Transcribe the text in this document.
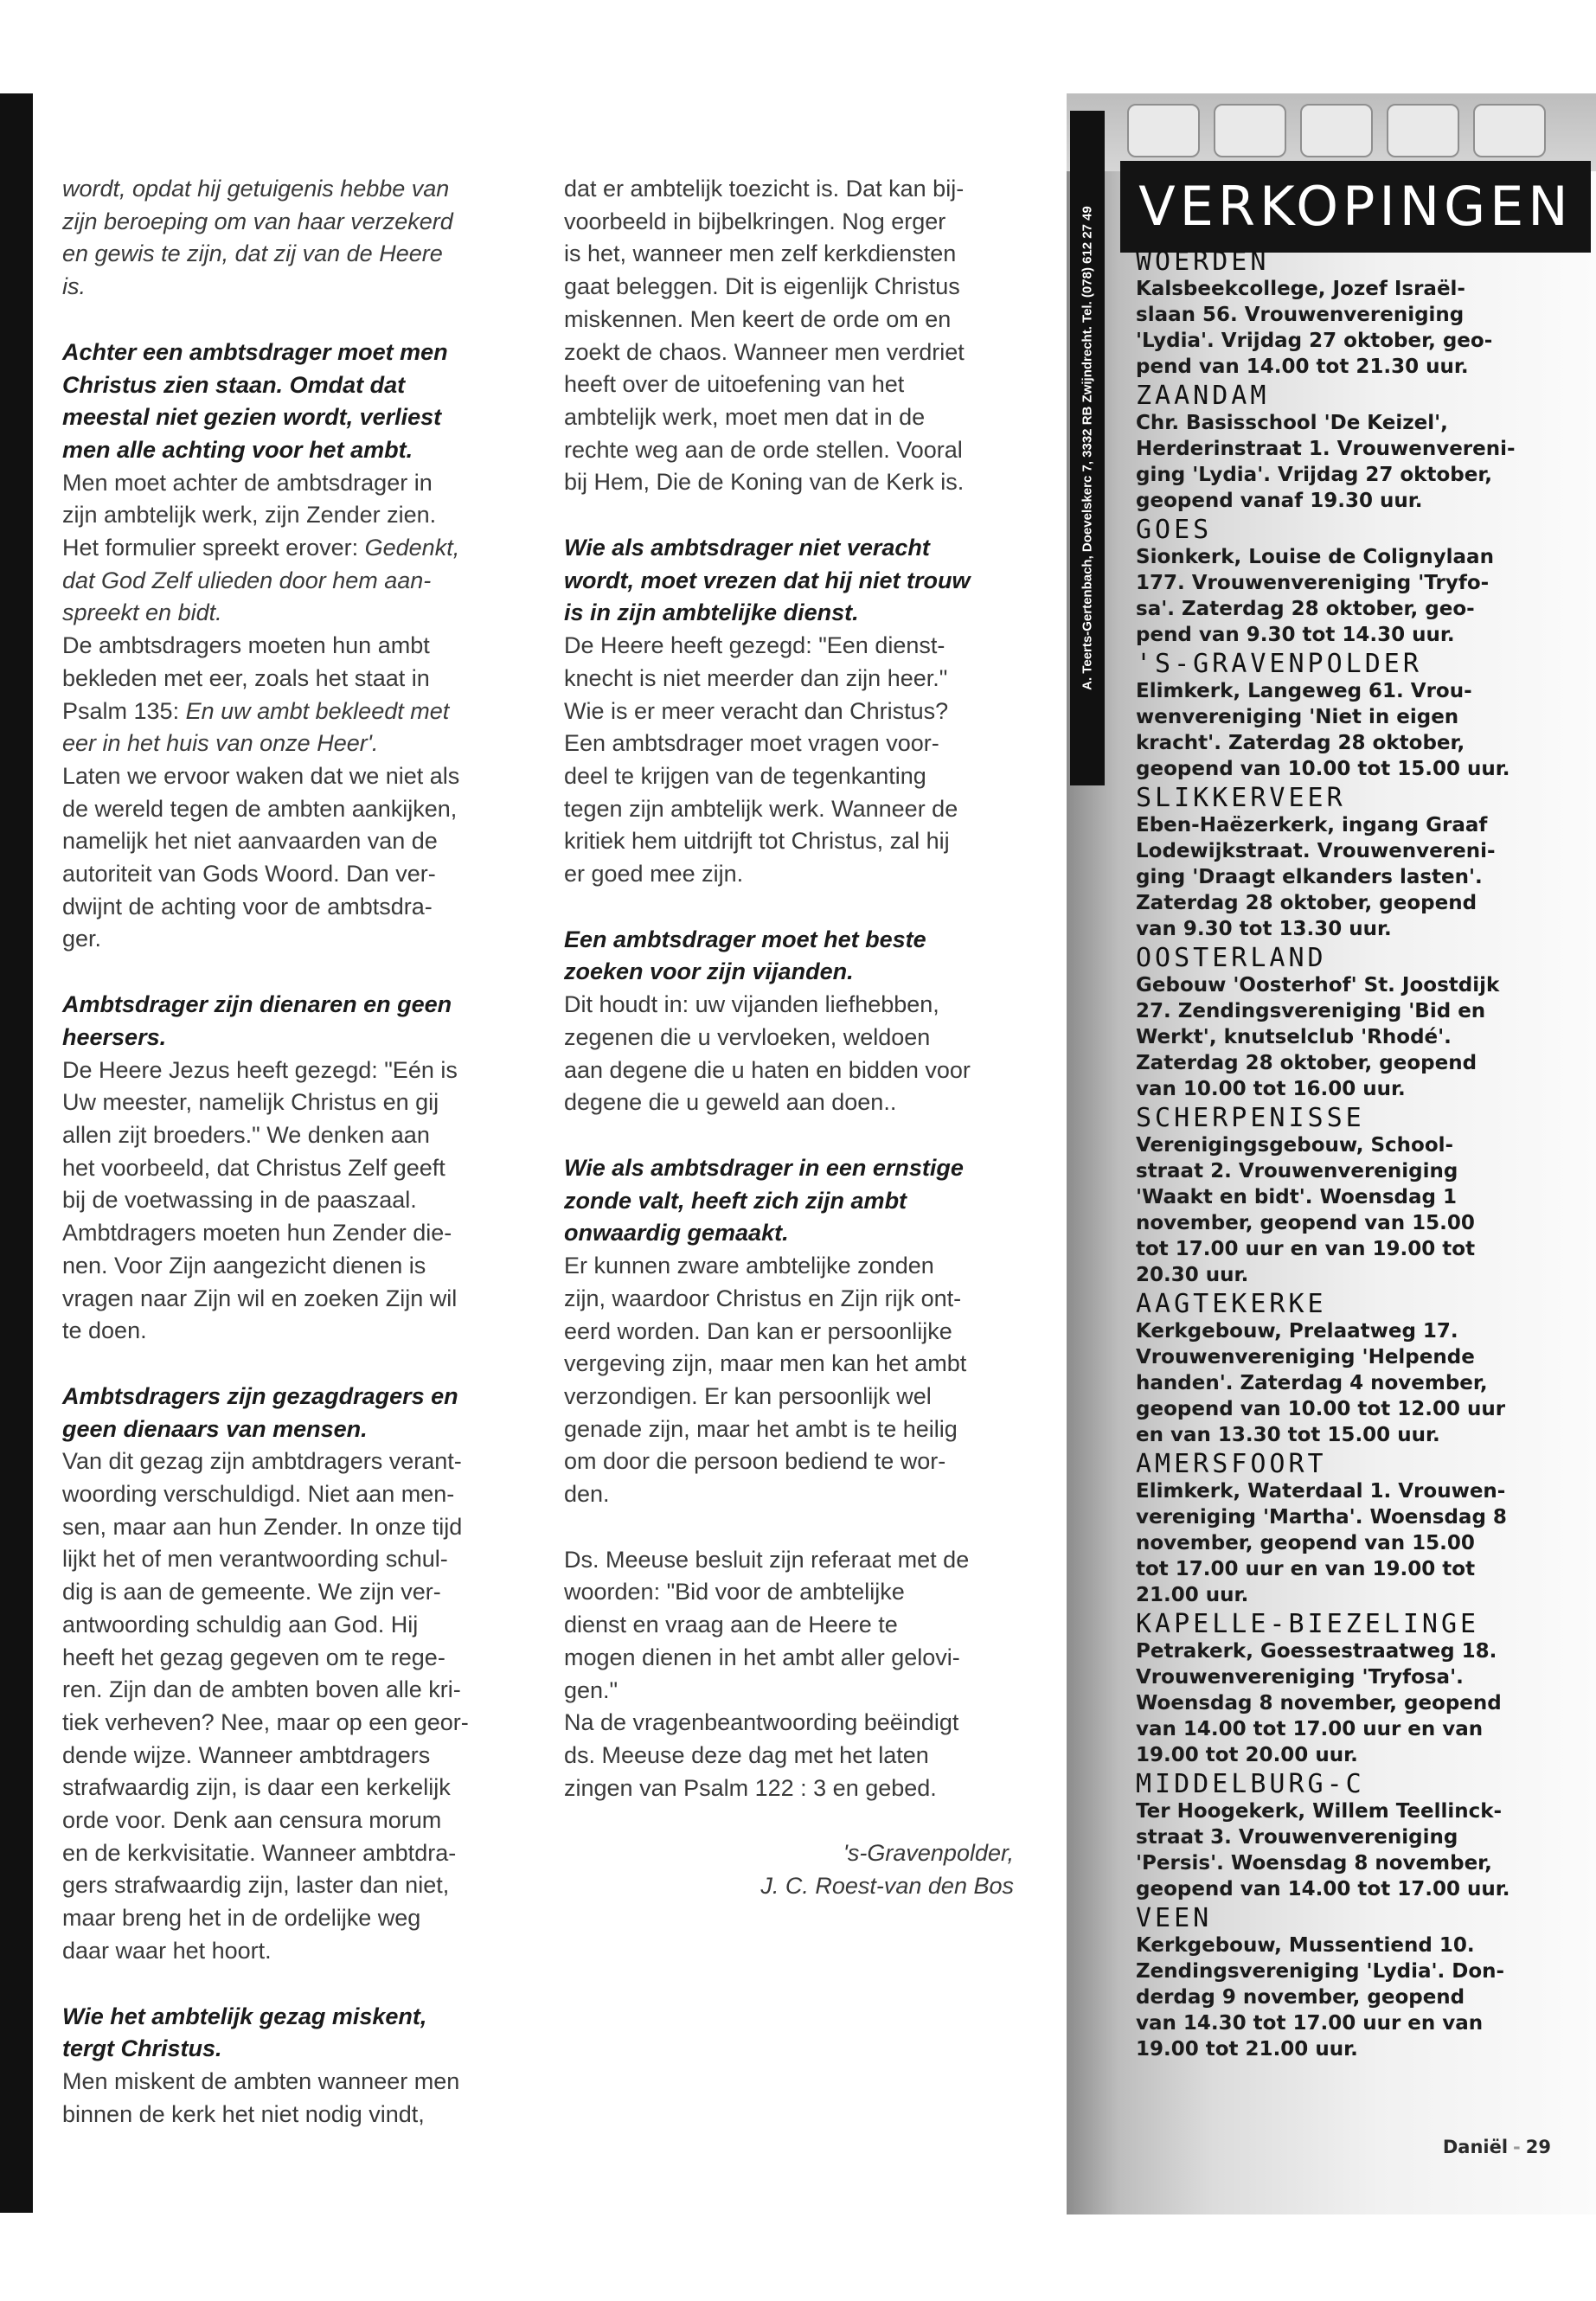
wordt, opdat hij getuigenis hebbe van
zijn beroeping om van haar verzekerd
en gewis te zijn, dat zij van de Heere
is.

Achter een ambtsdrager moet men
Christus zien staan. Omdat dat
meestal niet gezien wordt, verliest
men alle achting voor het ambt.

Men moet achter de ambtsdrager in
zijn ambtelijk werk, zijn Zender zien.
Het formulier spreekt erover: Gedenkt,
dat God Zelf ulieden door hem aan-
spreekt en bidt.
De ambtsdragers moeten hun ambt
bekleden met eer, zoals het staat in
Psalm 135: En uw ambt bekleedt met
eer in het huis van onze Heer'.
Laten we ervoor waken dat we niet als
de wereld tegen de ambten aankijken,
namelijk het niet aanvaarden van de
autoriteit van Gods Woord. Dan ver-
dwijnt de achting voor de ambtsdra-
ger.

Ambtsdrager zijn dienaren en geen
heersers.

De Heere Jezus heeft gezegd: "Eén is
Uw meester, namelijk Christus en gij
allen zijt broeders." We denken aan
het voorbeeld, dat Christus Zelf geeft
bij de voetwassing in de paaszaal.
Ambtdragers moeten hun Zender die-
nen. Voor Zijn aangezicht dienen is
vragen naar Zijn wil en zoeken Zijn wil
te doen.

Ambtsdragers zijn gezagdragers en
geen dienaars van mensen.

Van dit gezag zijn ambtdragers verant-
woording verschuldigd. Niet aan men-
sen, maar aan hun Zender. In onze tijd
lijkt het of men verantwoording schul-
dig is aan de gemeente. We zijn ver-
antwoording schuldig aan God. Hij
heeft het gezag gegeven om te rege-
ren. Zijn dan de ambten boven alle kri-
tiek verheven? Nee, maar op een geor-
dende wijze. Wanneer ambtdragers
strafwaardig zijn, is daar een kerkelijk
orde voor. Denk aan censura morum
en de kerkvisitatie. Wanneer ambtdra-
gers strafwaardig zijn, laster dan niet,
maar breng het in de ordelijke weg
daar waar het hoort.

Wie het ambtelijk gezag miskent,
tergt Christus.

Men miskent de ambten wanneer men
binnen de kerk het niet nodig vindt,

dat er ambtelijk toezicht is. Dat kan bij-
voorbeeld in bijbelkringen. Nog erger
is het, wanneer men zelf kerkdiensten
gaat beleggen. Dit is eigenlijk Christus
miskennen. Men keert de orde om en
zoekt de chaos. Wanneer men verdriet
heeft over de uitoefening van het
ambtelijk werk, moet men dat in de
rechte weg aan de orde stellen. Vooral
bij Hem, Die de Koning van de Kerk is.

Wie als ambtsdrager niet veracht
wordt, moet vrezen dat hij niet trouw
is in zijn ambtelijke dienst.

De Heere heeft gezegd: "Een dienst-
knecht is niet meerder dan zijn heer."
Wie is er meer veracht dan Christus?
Een ambtsdrager moet vragen voor-
deel te krijgen van de tegenkanting
tegen zijn ambtelijk werk. Wanneer de
kritiek hem uitdrijft tot Christus, zal hij
er goed mee zijn.

Een ambtsdrager moet het beste
zoeken voor zijn vijanden.

Dit houdt in: uw vijanden liefhebben,
zegenen die u vervloeken, weldoen
aan degene die u haten en bidden voor
degene die u geweld aan doen..

Wie als ambtsdrager in een ernstige
zonde valt, heeft zich zijn ambt
onwaardig gemaakt.

Er kunnen zware ambtelijke zonden
zijn, waardoor Christus en Zijn rijk ont-
eerd worden. Dan kan er persoonlijke
vergeving zijn, maar men kan het ambt
verzondigen. Er kan persoonlijk wel
genade zijn, maar het ambt is te heilig
om door die persoon bediend te wor-
den.

Ds. Meeuse besluit zijn referaat met de
woorden: "Bid voor de ambtelijke
dienst en vraag aan de Heere te
mogen dienen in het ambt aller gelovi-
gen."

Na de vragenbeantwoording beëindigt
ds. Meeuse deze dag met het laten
zingen van Psalm 122 : 3 en gebed.

's-Gravenpolder,
J. C. Roest-van den Bos

A. Teerts-Gertenbach, Doevelskerc 7, 3332 RB Zwijndrecht. Tel. (078) 612 27 49 VERKOPINGEN
WOERDEN
Kalsbeekcollege, Jozef Israël-
slaan 56. Vrouwenvereniging
'Lydia'. Vrijdag 27 oktober, geo-
pend van 14.00 tot 21.30 uur.
ZAANDAM
Chr. Basisschool 'De Keizel',
Herderinstraat 1. Vrouwenvereni-
ging 'Lydia'. Vrijdag 27 oktober,
geopend vanaf 19.30 uur.
GOES
Sionkerk, Louise de Colignylaan
177. Vrouwenvereniging 'Tryfo-
sa'. Zaterdag 28 oktober, geo-
pend van 9.30 tot 14.30 uur.
'S-GRAVENPOLDER
Elimkerk, Langeweg 61. Vrou-
wenvereniging 'Niet in eigen
kracht'. Zaterdag 28 oktober,
geopend van 10.00 tot 15.00 uur.
SLIKKERVEER
Eben-Haëzerkerk, ingang Graaf
Lodewijkstraat. Vrouwenvereni-
ging 'Draagt elkanders lasten'.
Zaterdag 28 oktober, geopend
van 9.30 tot 13.30 uur.
OOSTERLAND
Gebouw 'Oosterhof' St. Joostdijk
27. Zendingsvereniging 'Bid en
Werkt', knutselclub 'Rhodé'.
Zaterdag 28 oktober, geopend
van 10.00 tot 16.00 uur.
SCHERPENISSE
Verenigingsgebouw, School-
straat 2. Vrouwenvereniging
'Waakt en bidt'. Woensdag 1
november, geopend van 15.00
tot 17.00 uur en van 19.00 tot
20.30 uur.
AAGTEKERKE
Kerkgebouw, Prelaatweg 17.
Vrouwenvereniging 'Helpende
handen'. Zaterdag 4 november,
geopend van 10.00 tot 12.00 uur
en van 13.30 tot 15.00 uur.
AMERSFOORT
Elimkerk, Waterdaal 1. Vrouwen-
vereniging 'Martha'. Woensdag 8
november, geopend van 15.00
tot 17.00 uur en van 19.00 tot
21.00 uur.
KAPELLE-BIEZELINGE
Petrakerk, Goessestraatweg 18.
Vrouwenvereniging 'Tryfosa'.
Woensdag 8 november, geopend
van 14.00 tot 17.00 uur en van
19.00 tot 20.00 uur.
MIDDELBURG-C
Ter Hoogekerk, Willem Teellinck-
straat 3. Vrouwenvereniging
'Persis'. Woensdag 8 november,
geopend van 14.00 tot 17.00 uur.
VEEN
Kerkgebouw, Mussentiend 10.
Zendingsvereniging 'Lydia'. Don-
derdag 9 november, geopend
van 14.30 tot 17.00 uur en van
19.00 tot 21.00 uur.
Daniël - 29
